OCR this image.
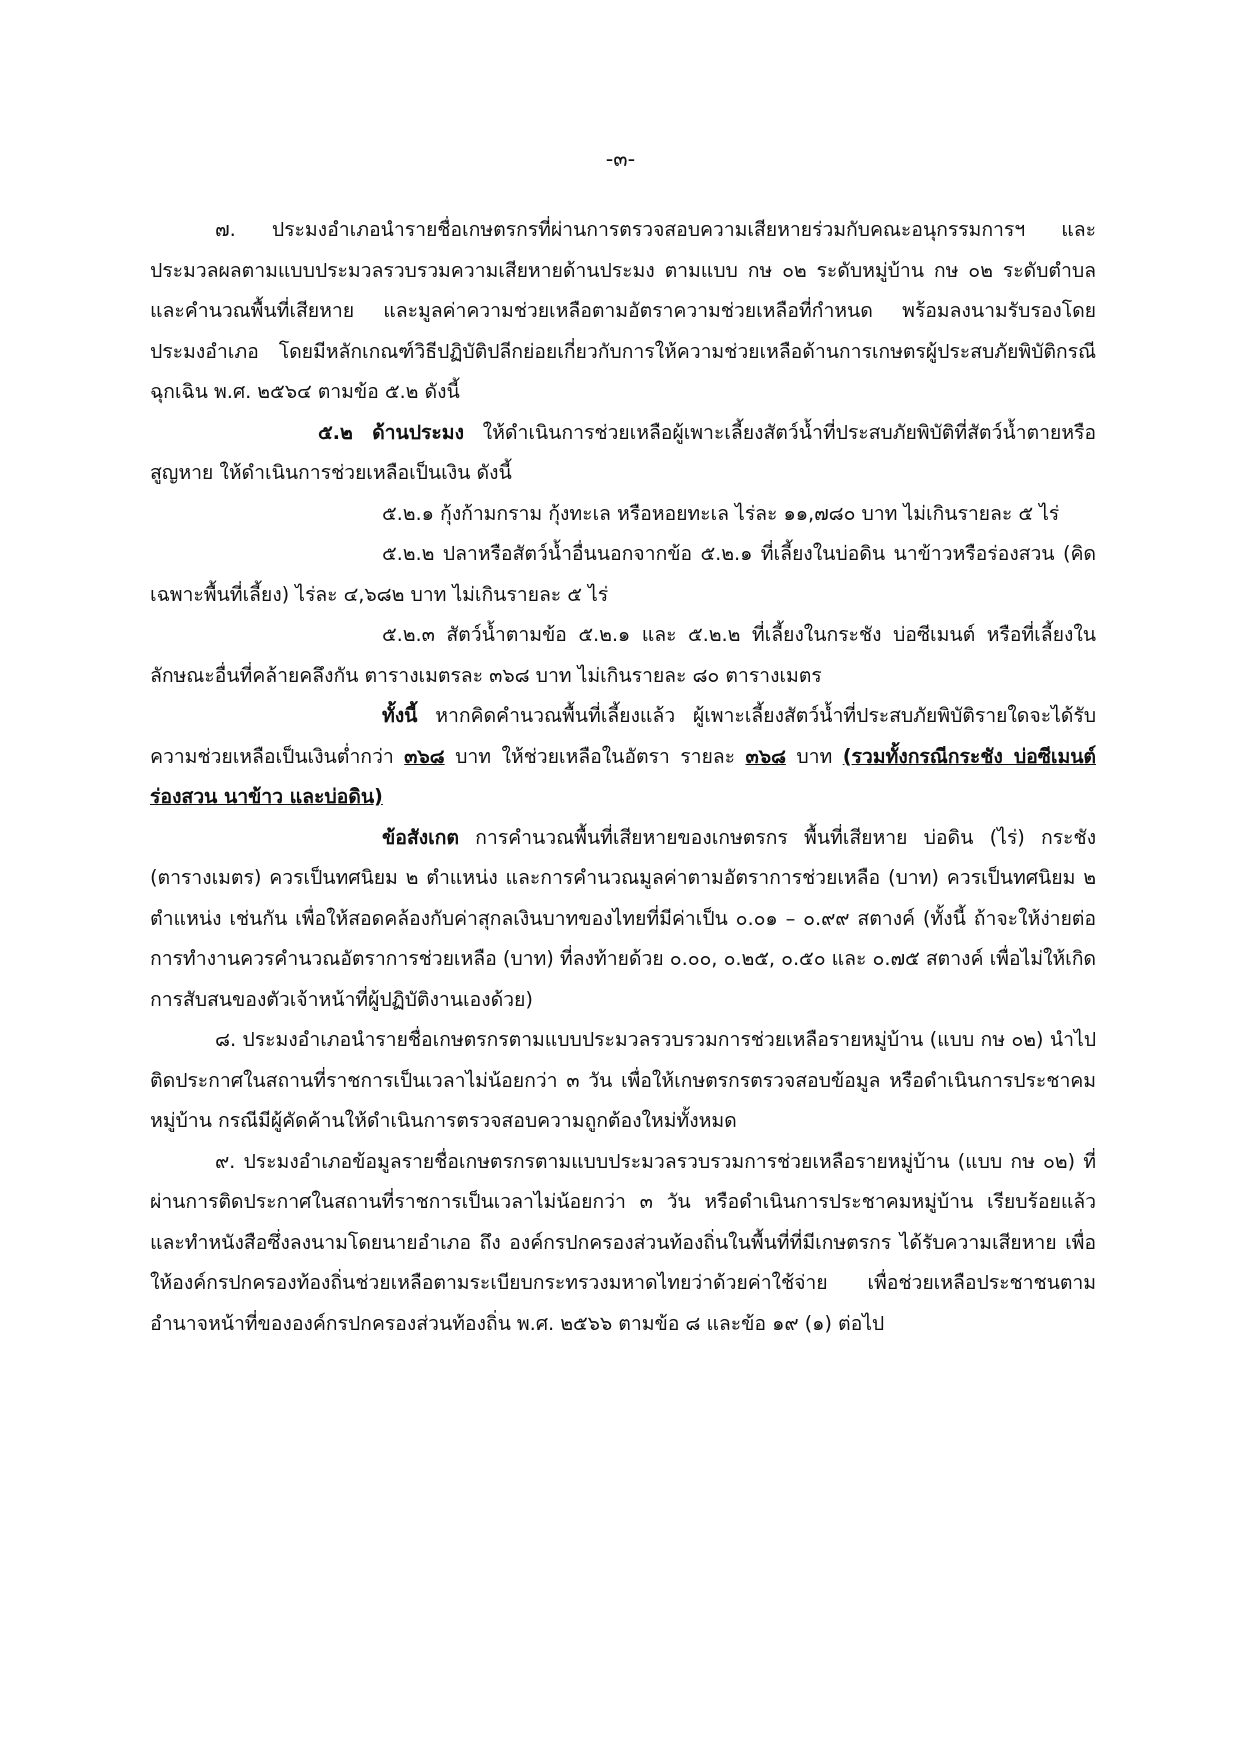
-๓-

๗. ประมงอำเภอนำรายชื่อเกษตรกรที่ผ่านการตรวจสอบความเสียหายร่วมกับคณะอนุกรรมการฯ และประมวลผลตามแบบประมวลรวบรวมความเสียหายด้านประมง ตามแบบ กษ ๐๒ ระดับหมู่บ้าน กษ ๐๒ ระดับตำบล และคำนวณพื้นที่เสียหาย และมูลค่าความช่วยเหลือตามอัตราความช่วยเหลือที่กำหนด พร้อมลงนามรับรองโดยประมงอำเภอ โดยมีหลักเกณฑ์วิธีปฏิบัติปลีกย่อยเกี่ยวกับการให้ความช่วยเหลือด้านการเกษตรผู้ประสบภัยพิบัติกรณีฉุกเฉิน พ.ศ. ๒๕๖๔ ตามข้อ ๕.๒ ดังนี้

๕.๒ ด้านประมง ให้ดำเนินการช่วยเหลือผู้เพาะเลี้ยงสัตว์น้ำที่ประสบภัยพิบัติที่สัตว์น้ำตายหรือสูญหาย ให้ดำเนินการช่วยเหลือเป็นเงิน ดังนี้

๕.๒.๑ กุ้งก้ามกราม กุ้งทะเล หรือหอยทะเล ไร่ละ ๑๑,๗๘๐ บาท ไม่เกินรายละ ๕ ไร่

๕.๒.๒ ปลาหรือสัตว์น้ำอื่นนอกจากข้อ ๕.๒.๑ ที่เลี้ยงในบ่อดิน นาข้าวหรือร่องสวน (คิดเฉพาะพื้นที่เลี้ยง) ไร่ละ ๔,๖๘๒ บาท ไม่เกินรายละ ๕ ไร่

๕.๒.๓ สัตว์น้ำตามข้อ ๕.๒.๑ และ ๕.๒.๒ ที่เลี้ยงในกระชัง บ่อซีเมนต์ หรือที่เลี้ยงในลักษณะอื่นที่คล้ายคลึงกัน ตารางเมตรละ ๓๖๘ บาท ไม่เกินรายละ ๘๐ ตารางเมตร

ทั้งนี้ หากคิดคำนวณพื้นที่เลี้ยงแล้ว ผู้เพาะเลี้ยงสัตว์น้ำที่ประสบภัยพิบัติรายใดจะได้รับความช่วยเหลือเป็นเงินต่ำกว่า ๓๖๘ บาท ให้ช่วยเหลือในอัตรา รายละ ๓๖๘ บาท (รวมทั้งกรณีกระชัง บ่อซีเมนต์ ร่องสวน นาข้าว และบ่อดิน)

ข้อสังเกต การคำนวณพื้นที่เสียหายของเกษตรกร พื้นที่เสียหาย บ่อดิน (ไร่) กระชัง (ตารางเมตร) ควรเป็นทศนิยม ๒ ตำแหน่ง และการคำนวณมูลค่าตามอัตราการช่วยเหลือ (บาท) ควรเป็นทศนิยม ๒ ตำแหน่ง เช่นกัน เพื่อให้สอดคล้องกับค่าสุกลเงินบาทของไทยที่มีค่าเป็น ๐.๐๑ – ๐.๙๙ สตางค์ (ทั้งนี้ ถ้าจะให้ง่ายต่อการทำงานควรคำนวณอัตราการช่วยเหลือ (บาท) ที่ลงท้ายด้วย ๐.๐๐, ๐.๒๕, ๐.๕๐ และ ๐.๗๕ สตางค์ เพื่อไม่ให้เกิดการสับสนของตัวเจ้าหน้าที่ผู้ปฏิบัติงานเองด้วย)

๘. ประมงอำเภอนำรายชื่อเกษตรกรตามแบบประมวลรวบรวมการช่วยเหลือรายหมู่บ้าน (แบบ กษ ๐๒) นำไปติดประกาศในสถานที่ราชการเป็นเวลาไม่น้อยกว่า ๓ วัน เพื่อให้เกษตรกรตรวจสอบข้อมูล หรือดำเนินการประชาคมหมู่บ้าน กรณีมีผู้คัดค้านให้ดำเนินการตรวจสอบความถูกต้องใหม่ทั้งหมด

๙. ประมงอำเภอข้อมูลรายชื่อเกษตรกรตามแบบประมวลรวบรวมการช่วยเหลือรายหมู่บ้าน (แบบ กษ ๐๒) ที่ผ่านการติดประกาศในสถานที่ราชการเป็นเวลาไม่น้อยกว่า ๓ วัน หรือดำเนินการประชาคมหมู่บ้าน เรียบร้อยแล้ว และทำหนังสือซึ่งลงนามโดยนายอำเภอ ถึง องค์กรปกครองส่วนท้องถิ่นในพื้นที่ที่มีเกษตรกร ได้รับความเสียหาย เพื่อให้องค์กรปกครองท้องถิ่นช่วยเหลือตามระเบียบกระทรวงมหาดไทยว่าด้วยค่าใช้จ่าย เพื่อช่วยเหลือประชาชนตามอำนาจหน้าที่ขององค์กรปกครองส่วนท้องถิ่น พ.ศ. ๒๕๖๖ ตามข้อ ๘ และข้อ ๑๙ (๑) ต่อไป
